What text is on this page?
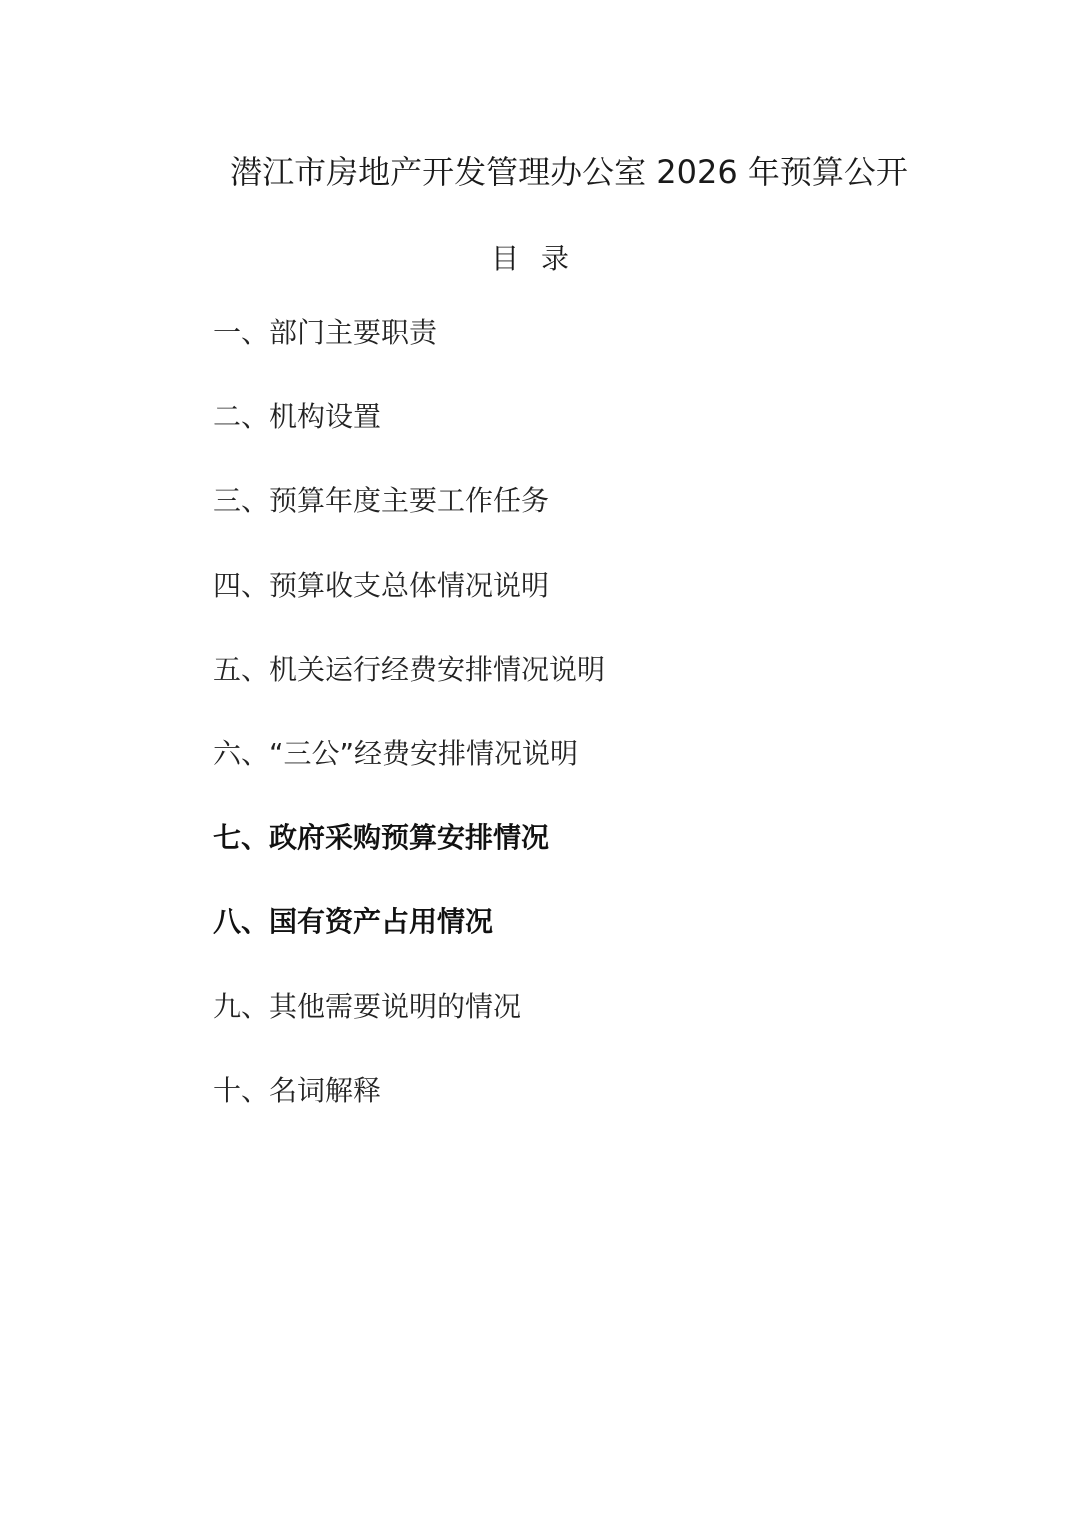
潜江市房地产开发管理办公室 2026 年预算公开
目录
一、部门主要职责
二、机构设置
三、预算年度主要工作任务
四、预算收支总体情况说明
五、机关运行经费安排情况说明
六、“三公”经费安排情况说明
七、政府采购预算安排情况
八、国有资产占用情况
九、其他需要说明的情况
十、名词解释
